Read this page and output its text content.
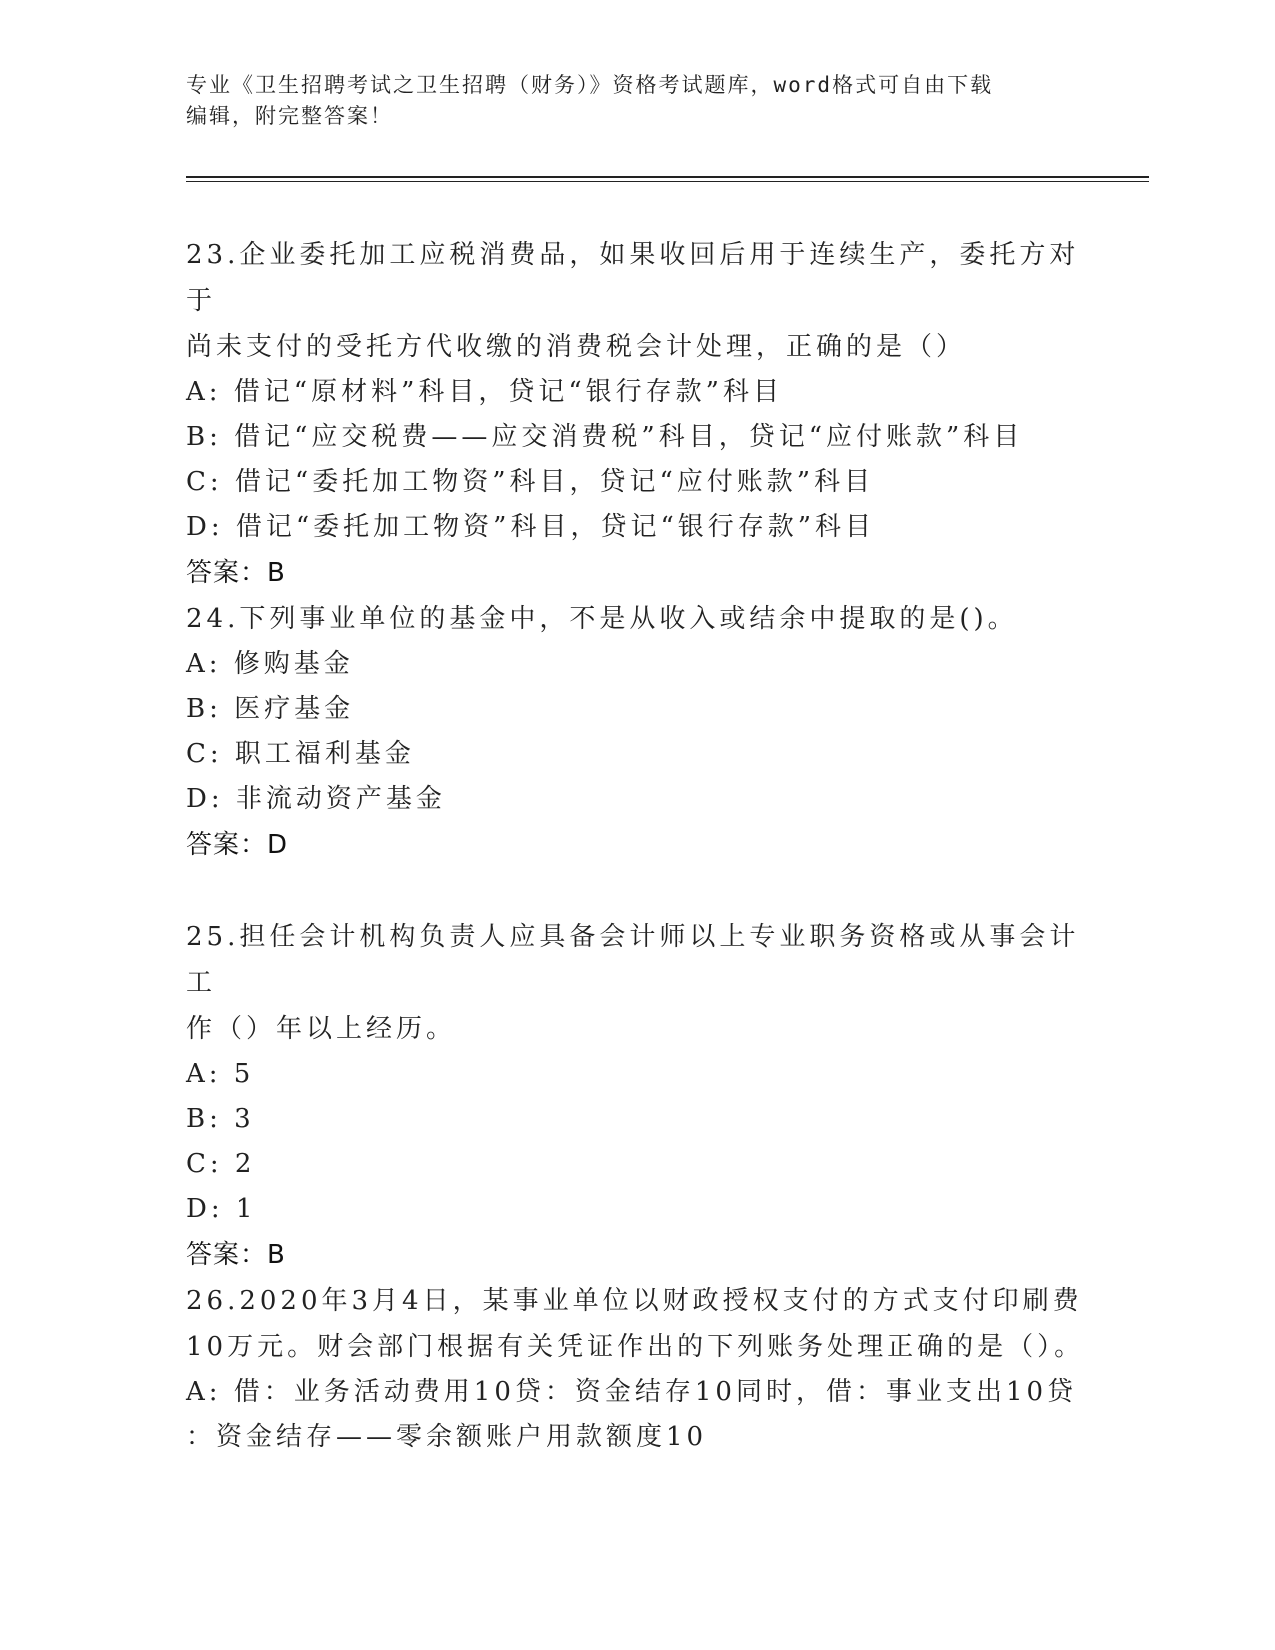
专业《卫生招聘考试之卫生招聘（财务）》资格考试题库，word格式可自由下载
编辑，附完整答案！
23.企业委托加工应税消费品，如果收回后用于连续生产，委托方对于
尚未支付的受托方代收缴的消费税会计处理，正确的是（）
A: 借记“原材料”科目，贷记“银行存款”科目
B: 借记“应交税费——应交消费税”科目，贷记“应付账款”科目
C: 借记“委托加工物资”科目，贷记“应付账款”科目
D: 借记“委托加工物资”科目，贷记“银行存款”科目
答案：B
24.下列事业单位的基金中，不是从收入或结余中提取的是()。
A: 修购基金
B: 医疗基金
C: 职工福利基金
D: 非流动资产基金
答案：D
25.担任会计机构负责人应具备会计师以上专业职务资格或从事会计工
作（）年以上经历。
A: 5
B: 3
C: 2
D: 1
答案：B
26.2020年3月4日，某事业单位以财政授权支付的方式支付印刷费
10万元。财会部门根据有关凭证作出的下列账务处理正确的是（）。
A: 借：业务活动费用10贷：资金结存10同时，借：事业支出10贷
：资金结存——零余额账户用款额度10
